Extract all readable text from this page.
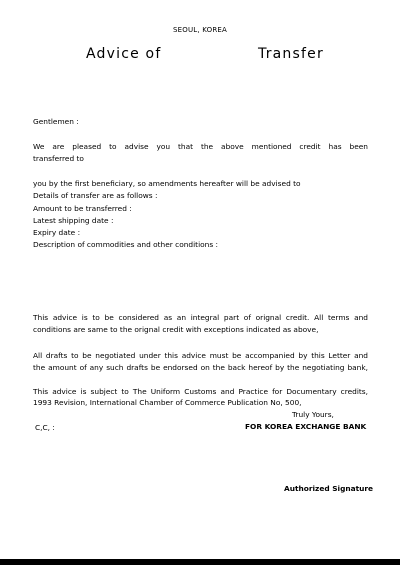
SEOUL, KOREA
Advice of	Transfer
Gentlemen :
We are pleased to advise you that the above mentioned credit has been
transferred to
you by the first beneficiary, so amendments hereafter will be advised to
Details of transfer are as follows :
Amount to be transferred :
Latest shipping date :
Expiry date :
Description of commodities and other conditions :
This advice is to be considered as an integral part of orignal credit. All terms and
conditions are same to the orignal credit with exceptions indicated as above,
All drafts to be negotiated under this advice must be accompanied by this Letter and
the amount of any such drafts be endorsed on the back hereof by the negotiating bank,
This advice is subject to The Uniform Customs and Practice for Documentary credits,
1993 Revision, International Chamber of Commerce Publication No, 500,
Truly Yours,
C,C, :	FOR KOREA EXCHANGE BANK
Authorized Signature
